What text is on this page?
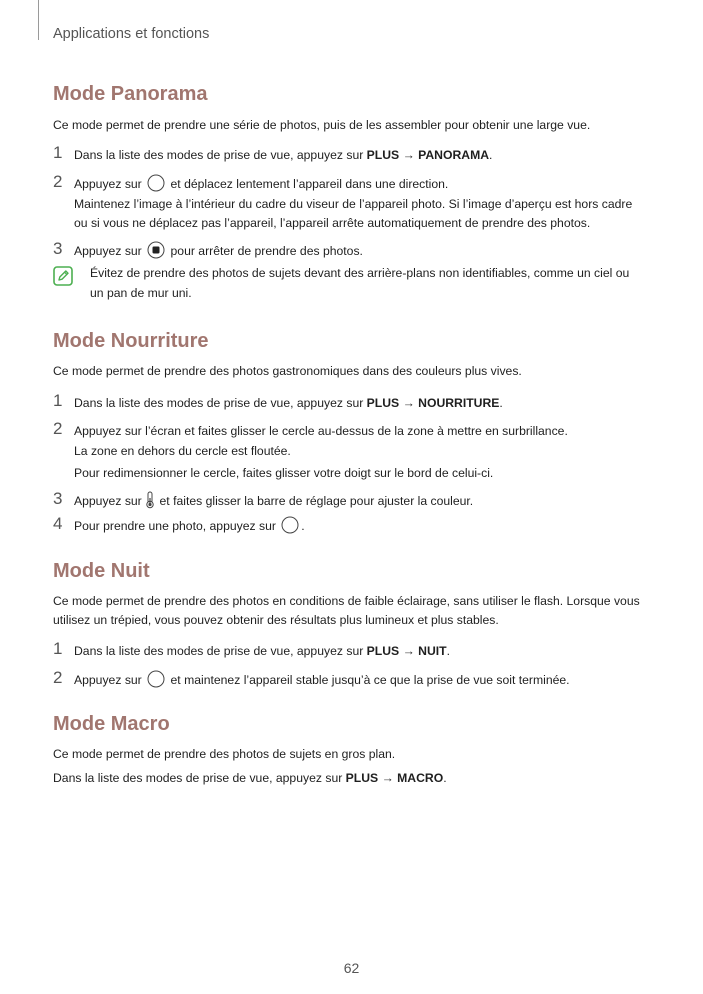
Applications et fonctions
Mode Panorama
Ce mode permet de prendre une série de photos, puis de les assembler pour obtenir une large vue.
1 Dans la liste des modes de prise de vue, appuyez sur PLUS → PANORAMA.
2 Appuyez sur  et déplacez lentement l’appareil dans une direction.
Maintenez l’image à l’intérieur du cadre du viseur de l’appareil photo. Si l’image d’aperçu est hors cadre
ou si vous ne déplacez pas l’appareil, l’appareil arrête automatiquement de prendre des photos.
3 Appuyez sur  pour arrêter de prendre des photos.
Évitez de prendre des photos de sujets devant des arrière-plans non identifiables, comme un ciel ou
un pan de mur uni.
Mode Nourriture
Ce mode permet de prendre des photos gastronomiques dans des couleurs plus vives.
1 Dans la liste des modes de prise de vue, appuyez sur PLUS → NOURRITURE.
2 Appuyez sur l’écran et faites glisser le cercle au-dessus de la zone à mettre en surbrillance.
La zone en dehors du cercle est floutée.
Pour redimensionner le cercle, faites glisser votre doigt sur le bord de celui-ci.
3 Appuyez sur  et faites glisser la barre de réglage pour ajuster la couleur.
4 Pour prendre une photo, appuyez sur .
Mode Nuit
Ce mode permet de prendre des photos en conditions de faible éclairage, sans utiliser le flash. Lorsque vous
utilisez un trépied, vous pouvez obtenir des résultats plus lumineux et plus stables.
1 Dans la liste des modes de prise de vue, appuyez sur PLUS → NUIT.
2 Appuyez sur  et maintenez l’appareil stable jusqu’à ce que la prise de vue soit terminée.
Mode Macro
Ce mode permet de prendre des photos de sujets en gros plan.
Dans la liste des modes de prise de vue, appuyez sur PLUS → MACRO.
62
